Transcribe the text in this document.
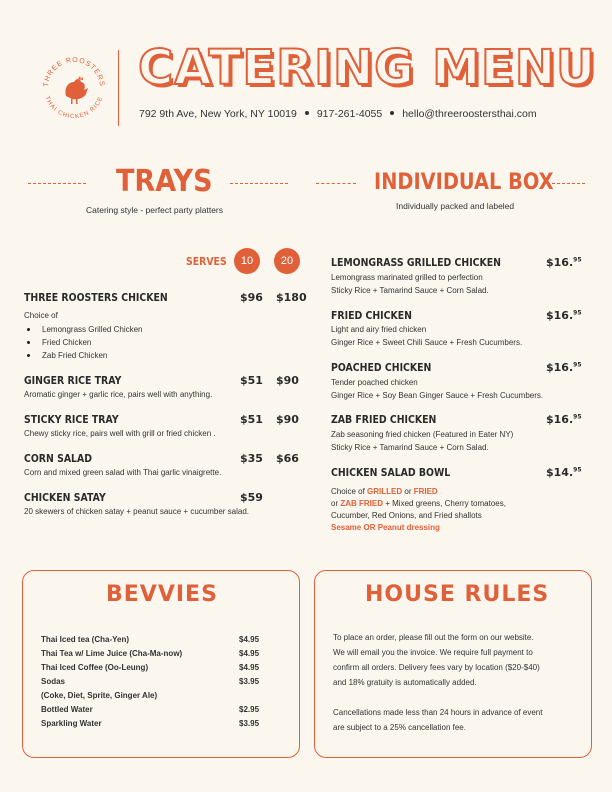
THREE ROOSTERS
THAI CHICKEN RICE
CATERING MENU
792 9th Ave, New York, NY 10019 917-261-4055 hello@threeroostersthai.com
TRAYS
Catering style - perfect party platters
INDIVIDUAL BOX
Individually packed and labeled
SERVES	10	20
THREE ROOSTERS CHICKEN	$96 $180
Choice of
Lemongrass Grilled Chicken
Fried Chicken
Zab Fried Chicken
GINGER RICE TRAY	$51 $90
Aromatic ginger + garlic rice, pairs well with anything.
STICKY RICE TRAY	$51 $90
Chewy sticky rice, pairs well with grill or fried chicken .
CORN SALAD	$35 $66
Corn and mixed green salad with Thai garlic vinaigrette.
CHICKEN SATAY	$59
20 skewers of chicken satay + peanut sauce + cucumber salad.
LEMONGRASS GRILLED CHICKEN	$16.95
Lemongrass marinated grilled to perfection
Sticky Rice + Tamarind Sauce + Corn Salad.
FRIED CHICKEN	$16.95
Light and airy fried chicken
Ginger Rice + Sweet Chili Sauce + Fresh Cucumbers.
POACHED CHICKEN	$16.95
Tender poached chicken
Ginger Rice + Soy Bean Ginger Sauce + Fresh Cucumbers.
ZAB FRIED CHICKEN	$16.95
Zab seasoning fried chicken (Featured in Eater NY)
Sticky Rice + Tamarind Sauce + Corn Salad.
CHICKEN SALAD BOWL	$14.95
Choice of GRILLED or FRIED
or ZAB FRIED + Mixed greens, Cherry tomatoes,
Cucumber, Red Onions, and Fried shallots
Sesame OR Peanut dressing
BEVVIES
Thai Iced tea (Cha-Yen)	$4.95
Thai Tea w/ Lime Juice (Cha-Ma-now)	$4.95
Thai Iced Coffee (Oo-Leung)	$4.95
Sodas	$3.95
(Coke, Diet, Sprite, Ginger Ale)
Bottled Water	$2.95
Sparkling Water	$3.95
HOUSE RULES
To place an order, please fill out the form on our website.
We will email you the invoice. We require full payment to
confirm all orders. Delivery fees vary by location ($20-$40)
and 18% gratuity is automatically added.
Cancellations made less than 24 hours in advance of event
are subject to a 25% cancellation fee.
